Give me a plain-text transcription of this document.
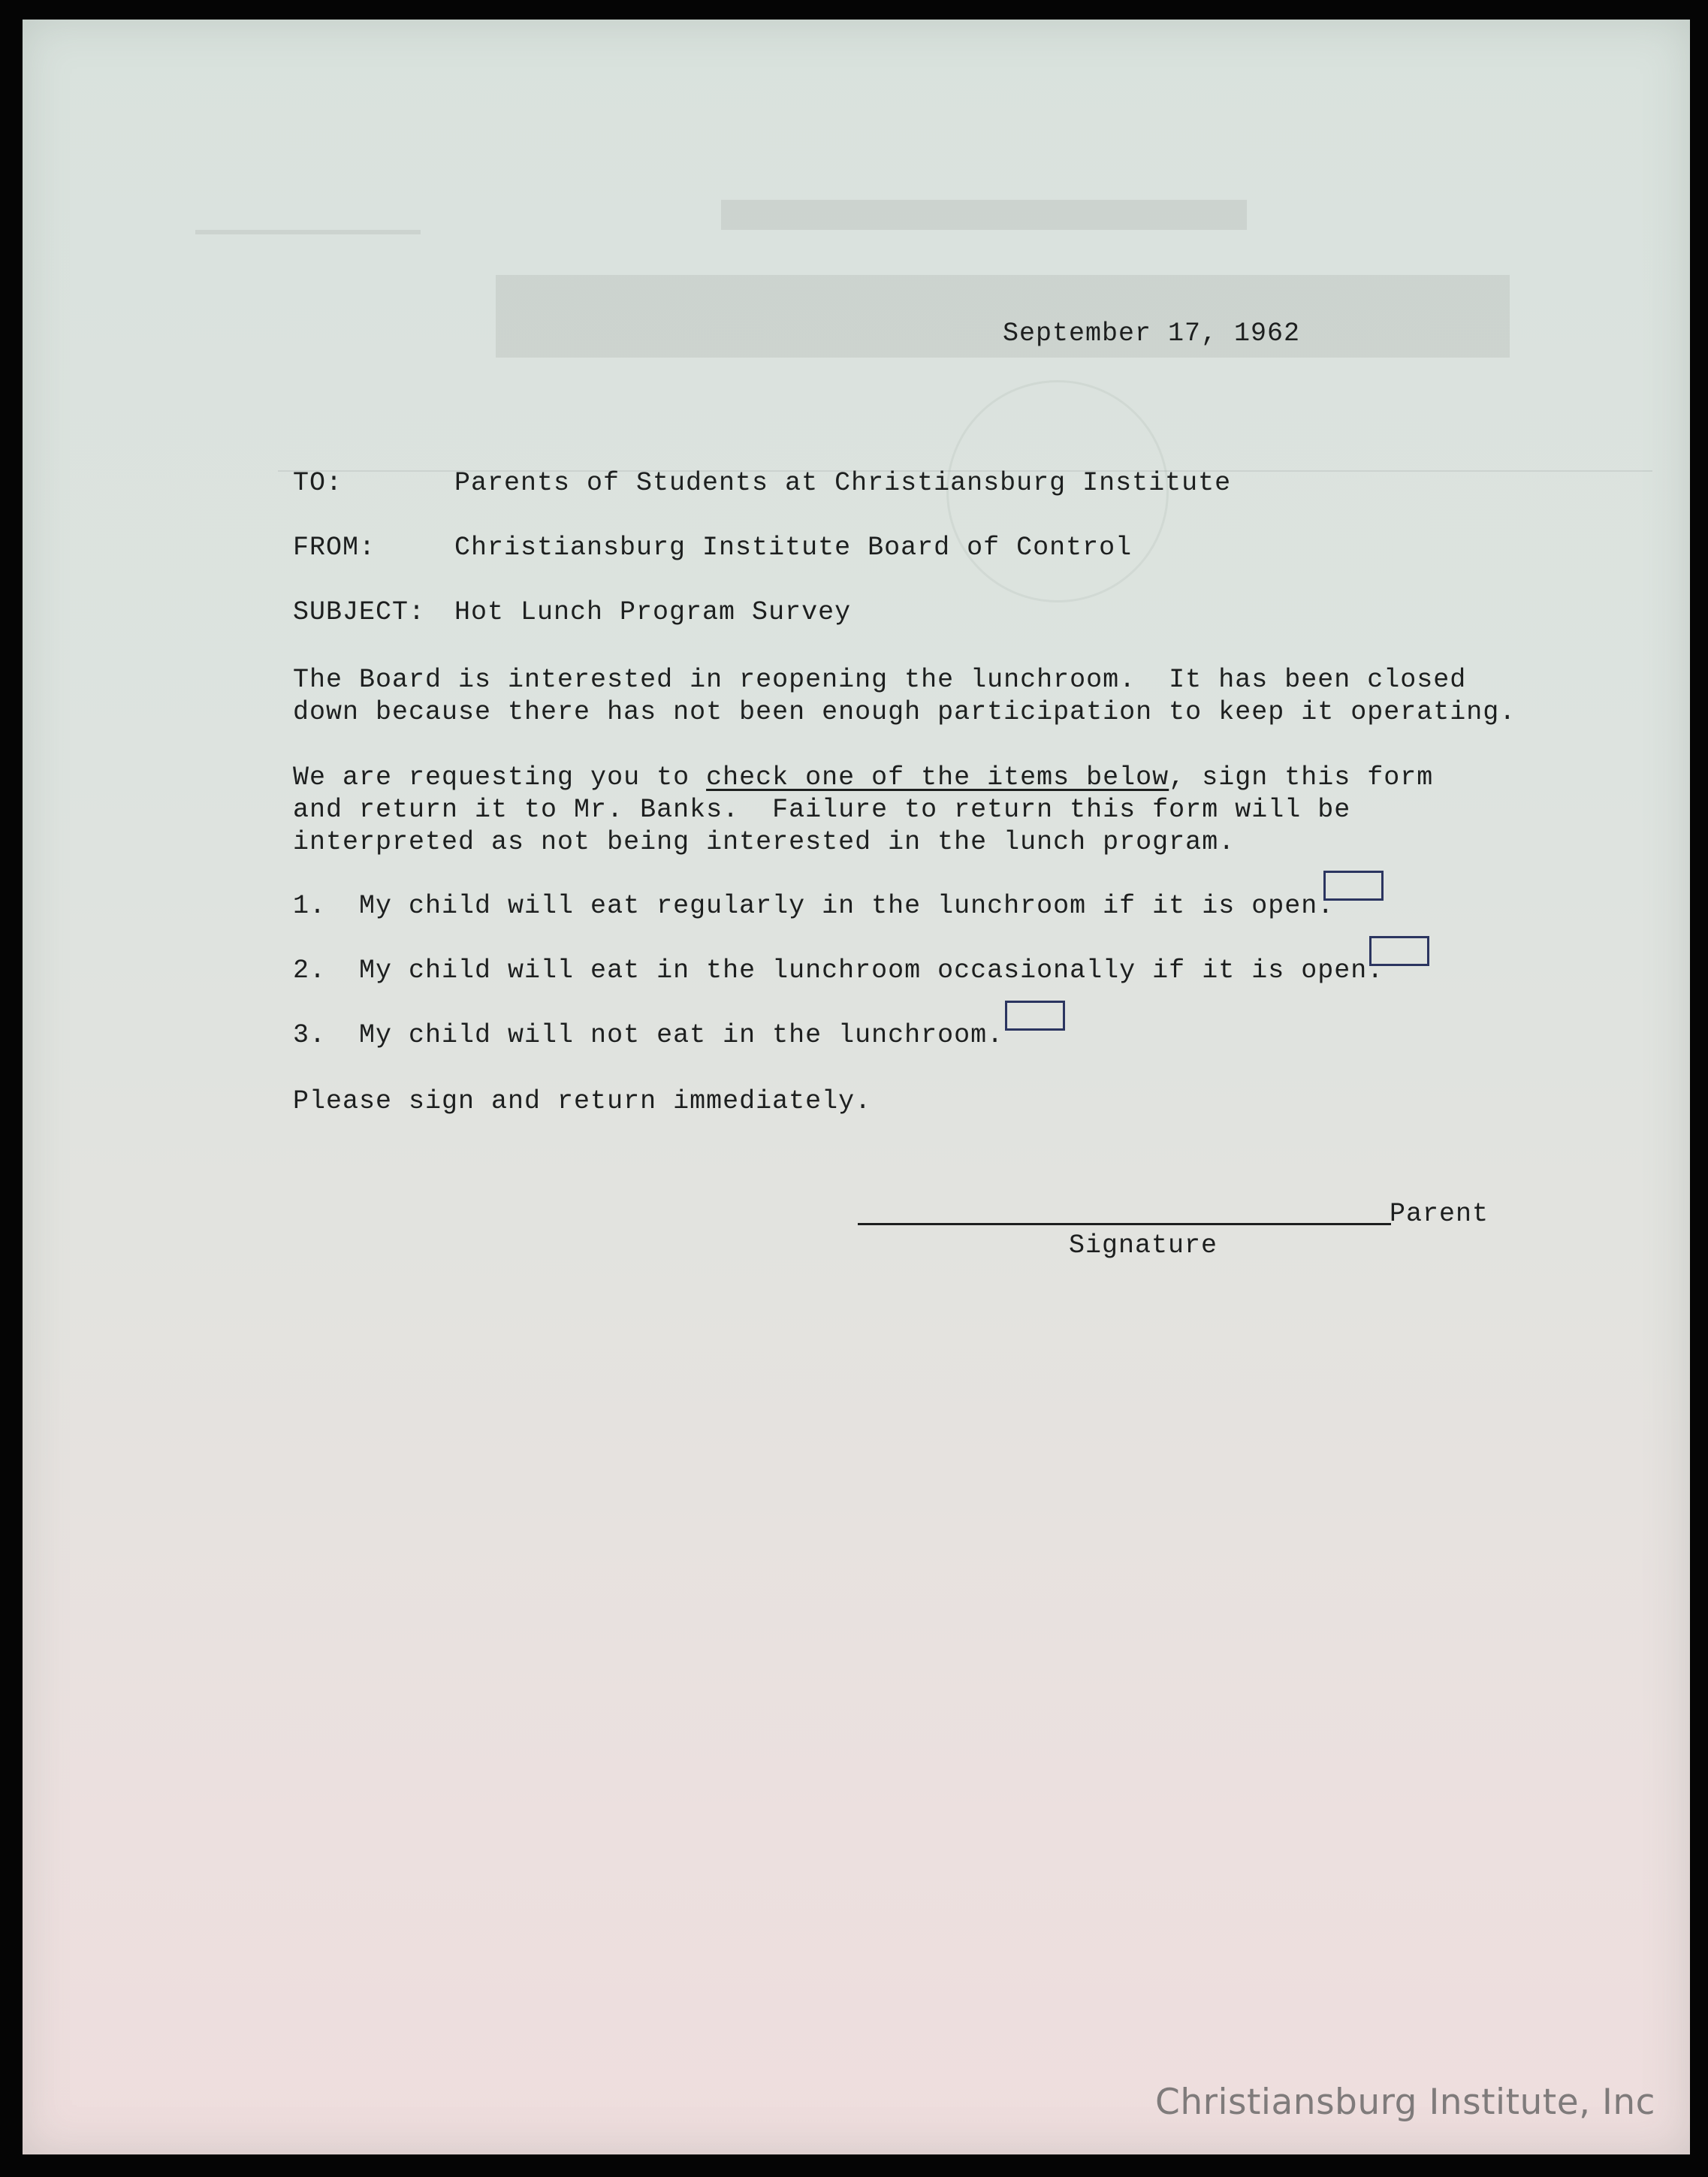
September 17, 1962
TO:	Parents of Students at Christiansburg Institute
FROM:	Christiansburg Institute Board of Control
SUBJECT: Hot Lunch Program Survey
The Board is interested in reopening the lunchroom.  It has been closed
down because there has not been enough participation to keep it operating.
We are requesting you to check one of the items below, sign this form
and return it to Mr. Banks.  Failure to return this form will be
interpreted as not being interested in the lunch program.
1.  My child will eat regularly in the lunchroom if it is open.
2.  My child will eat in the lunchroom occasionally if it is open.
3.  My child will not eat in the lunchroom.
Please sign and return immediately.
Parent
Signature
Christiansburg Institute, Inc
